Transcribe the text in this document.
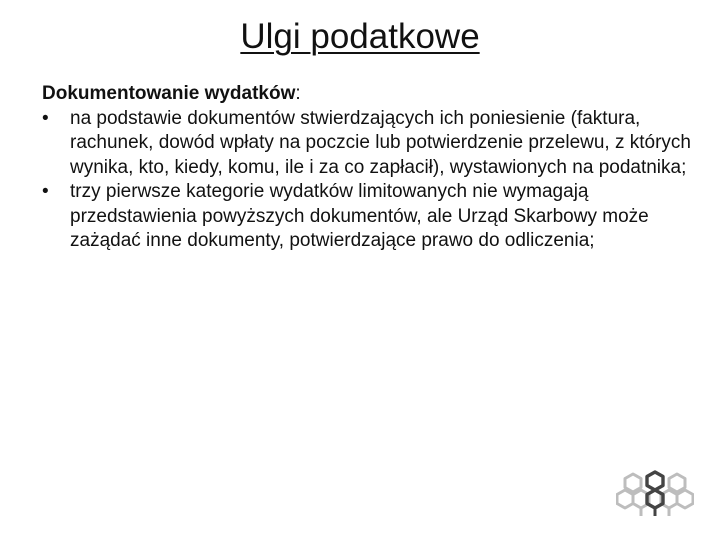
Ulgi podatkowe

Dokumentowanie wydatków:

• na podstawie dokumentów stwierdzających ich poniesienie (faktura, rachunek, dowód wpłaty na poczcie lub potwierdzenie przelewu, z których wynika, kto, kiedy, komu, ile i za co zapłacił), wystawionych na podatnika;
• trzy pierwsze kategorie wydatków limitowanych nie wymagają przedstawienia powyższych dokumentów, ale Urząd Skarbowy może zażądać inne dokumenty, potwierdzające prawo do odliczenia;
